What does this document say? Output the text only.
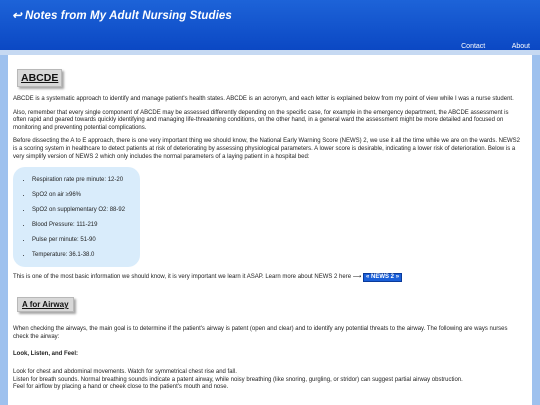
↩ Notes from My Adult Nursing Studies
Contact	About
ABCDE

ABCDE is a systematic approach to identify and manage patient's health states. ABCDE is an acronym, and each letter is explained below from my point of view while I was a nurse student.

Also, remember that every single component of ABCDE may be assessed differently depending on the specific case, for example in the emergency department, the ABCDE assessment is often rapid and geared towards quickly identifying and managing life-threatening conditions, on the other hand, in a general ward the assessment might be more detailed and focused on monitoring and preventing potential complications.

Before dissecting the A to E approach, there is one very important thing we should know, the National Early Warning Score (NEWS) 2, we use it all the time while we are on the wards. NEWS2 is a scoring system in healthcare to detect patients at risk of deteriorating by assessing physiological parameters. A lower score is desirable, indicating a lower risk of deterioration. Below is a very simplify version of NEWS 2 which only includes the normal parameters of a laying patient in a hospital bed:

• Respiration rate pre minute: 12-20
• SpO2 on air ≥96%
• SpO2 on supplementary O2: 88-92
• Blood Pressure: 111-219
• Pulse per minute: 51-90
• Temperature: 36.1-38.0

This is one of the most basic information we should know, it is very important we learn it ASAP. Learn more about NEWS 2 here ⟶ « NEWS 2 »

A for Airway

When checking the airways, the main goal is to determine if the patient's airway is patent (open and clear) and to identify any potential threats to the airway. The following are ways nurses check the airway:

Look, Listen, and Feel:

Look for chest and abdominal movements. Watch for symmetrical chest rise and fall.

Listen for breath sounds. Normal breathing sounds indicate a patent airway, while noisy breathing (like snoring, gurgling, or stridor) can suggest partial airway obstruction.

Feel for airflow by placing a hand or cheek close to the patient's mouth and nose.
